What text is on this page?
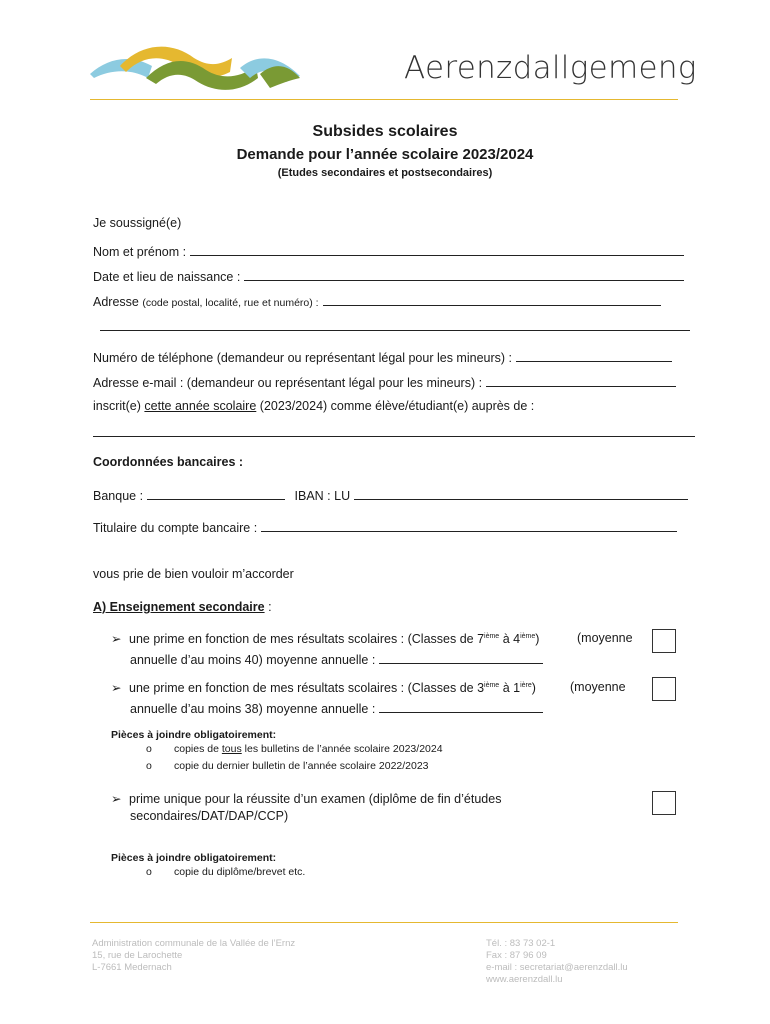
Aerenzdallgemeng
Subsides scolaires
Demande pour l’année scolaire 2023/2024
(Etudes secondaires et postsecondaires)
Je soussigné(e)
Nom et prénom :
Date et lieu de naissance :
Adresse (code postal, localité, rue et numéro) :
Numéro de téléphone (demandeur ou représentant légal pour les mineurs) :
Adresse e-mail : (demandeur ou représentant légal pour les mineurs) :
inscrit(e) cette année scolaire (2023/2024) comme élève/étudiant(e) auprès de :
Coordonnées bancaires :
Banque :	IBAN : LU
Titulaire du compte bancaire :
vous prie de bien vouloir m’accorder
A) Enseignement secondaire :
➢ une prime en fonction de mes résultats scolaires : (Classes de 7ième à 4ième)	(moyenne
annuelle d’au moins 40) moyenne annuelle :
➢ une prime en fonction de mes résultats scolaires : (Classes de 3ième à $1^{ière}$)	(moyenne
annuelle d’au moins 38) moyenne annuelle :
Pièces à joindre obligatoirement:
o copies de tous les bulletins de l’année scolaire 2023/2024
o copie du dernier bulletin de l’année scolaire 2022/2023
➢ prime unique pour la réussite d’un examen (diplôme de fin d’études
secondaires/DAT/DAP/CCP)
Pièces à joindre obligatoirement:
o copie du diplôme/brevet etc.
Administration communale de la Vallée de l’Ernz
15, rue de Larochette
L-7661 Medernach
Tél. : 83 73 02-1
Fax : 87 96 09
e-mail : secretariat@aerenzdall.lu
www.aerenzdall.lu
